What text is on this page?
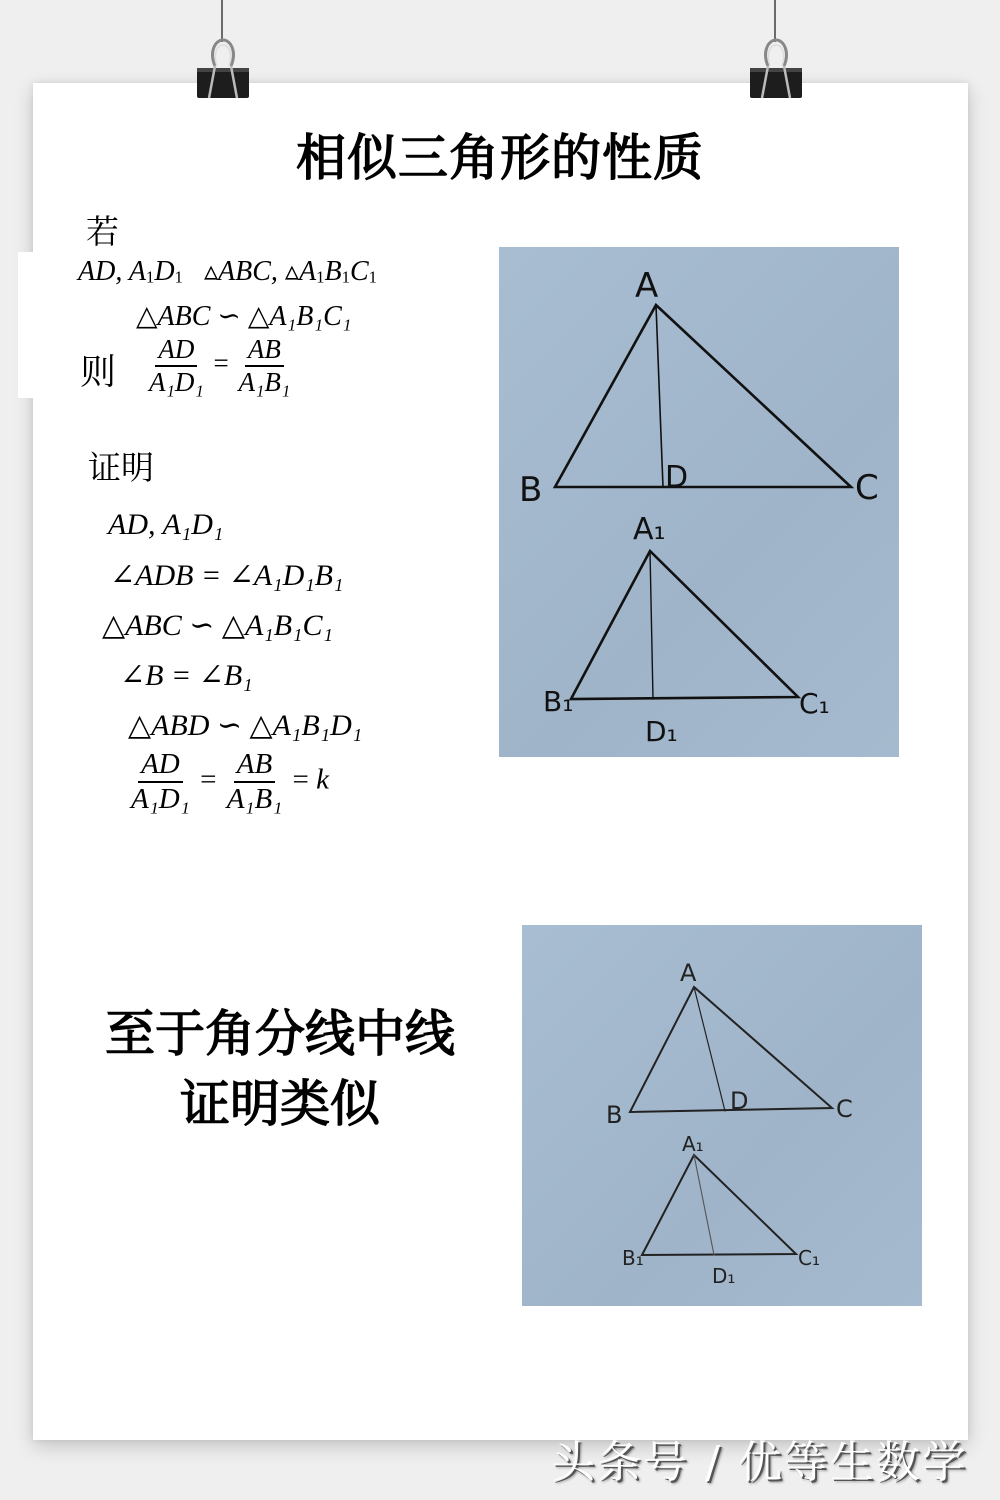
相似三角形的性质
若
AD, $A_1D_1$ ▵ABC, $▵A_1B_1C_1$
△ABC ∽ △A₁B₁C₁
则 $\frac{AD}{\text{A₁D₁}} = \frac{AB}{\text{A₁B₁}}$
证明
AD, A₁D₁
∠ADB = ∠A₁D₁B₁
△ABC ∽ △A₁B₁C₁
∠B = ∠B₁
△ABD ∽ △A₁B₁D₁
$\frac{AD}{\text{A₁D₁}} = \frac{AB}{\text{A₁B₁}} = k$
至于角分线中线
证明类似
A
B	C
D
A₁
B₁	C₁
D₁
A
B	C
D
A₁
B₁	C₁
D₁
头条号 / 优等生数学
